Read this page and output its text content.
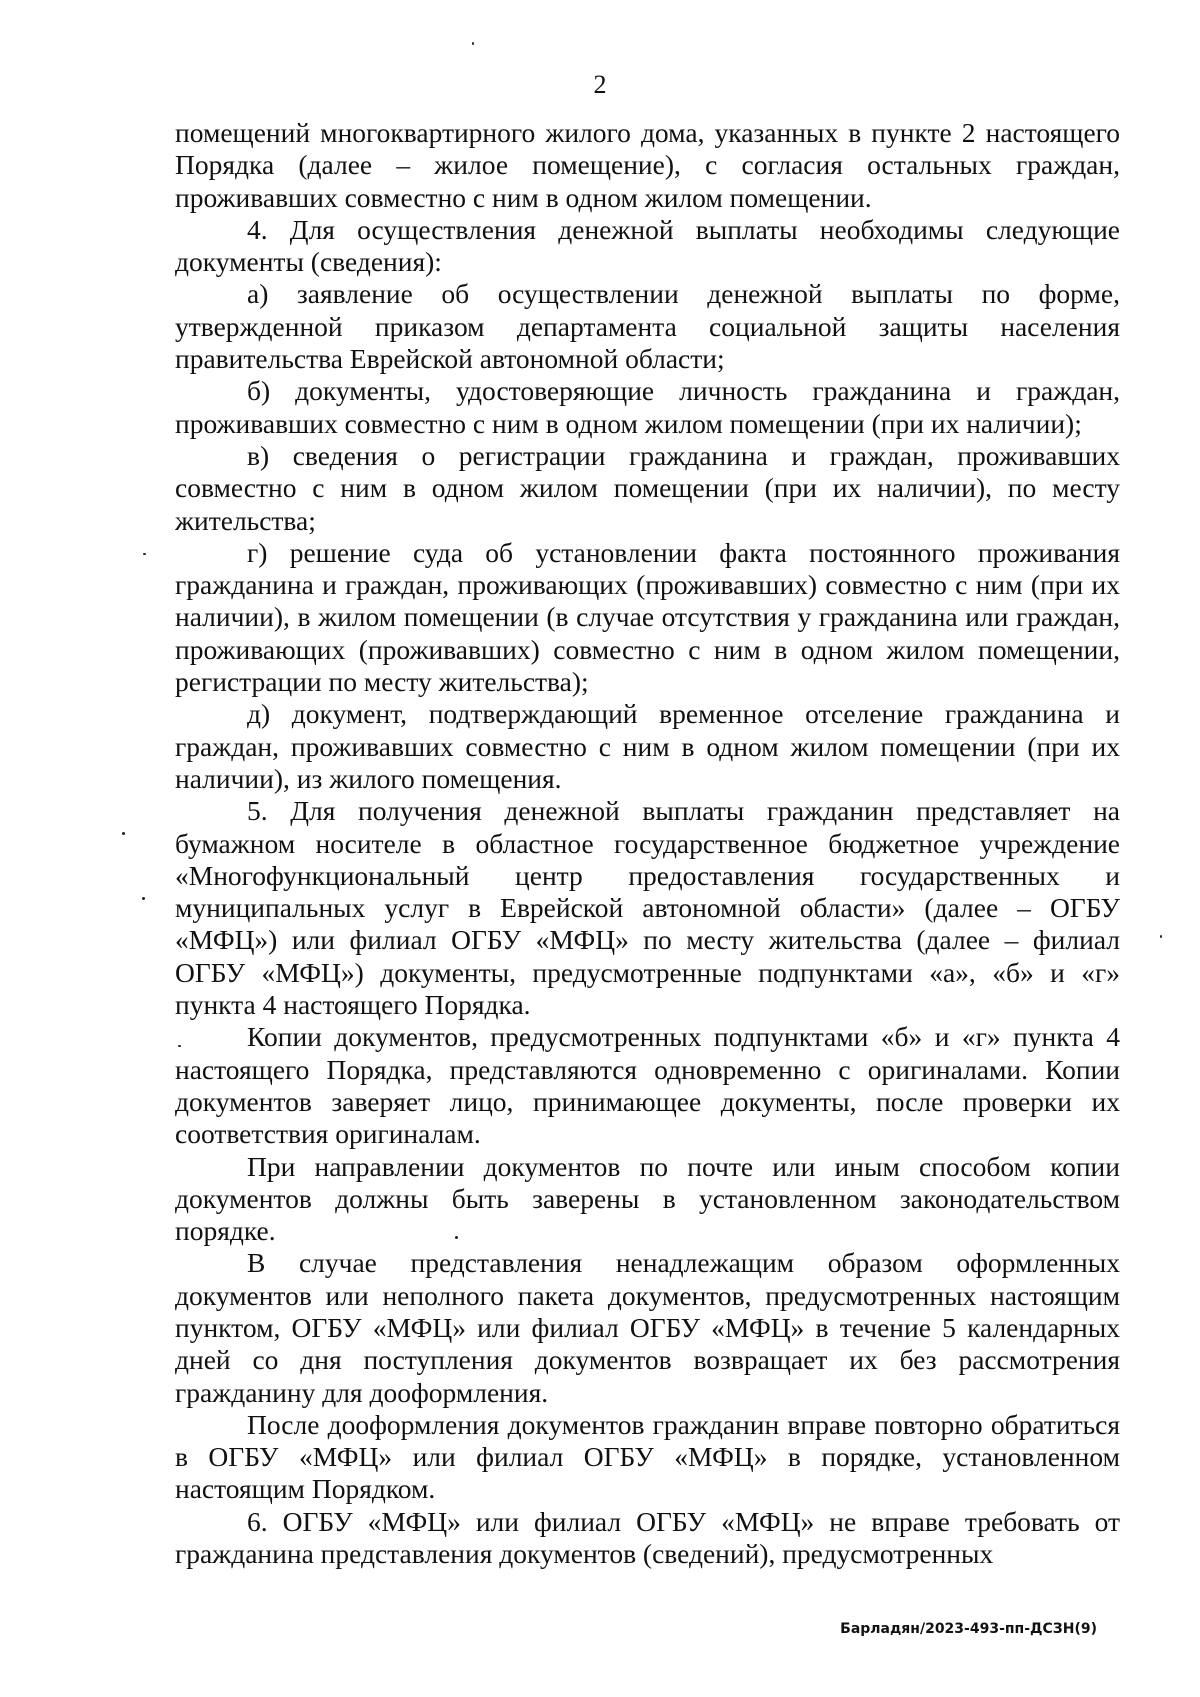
2

помещений многоквартирного жилого дома, указанных в пункте 2 настоящего Порядка (далее – жилое помещение), с согласия остальных граждан, проживавших совместно с ним в одном жилом помещении.

4. Для осуществления денежной выплаты необходимы следующие документы (сведения):

а) заявление об осуществлении денежной выплаты по форме, утвержденной приказом департамента социальной защиты населения правительства Еврейской автономной области;

б) документы, удостоверяющие личность гражданина и граждан, проживавших совместно с ним в одном жилом помещении (при их наличии);

в) сведения о регистрации гражданина и граждан, проживавших совместно с ним в одном жилом помещении (при их наличии), по месту жительства;

г) решение суда об установлении факта постоянного проживания гражданина и граждан, проживающих (проживавших) совместно с ним (при их наличии), в жилом помещении (в случае отсутствия у гражданина или граждан, проживающих (проживавших) совместно с ним в одном жилом помещении, регистрации по месту жительства);

д) документ, подтверждающий временное отселение гражданина и граждан, проживавших совместно с ним в одном жилом помещении (при их наличии), из жилого помещения.

5. Для получения денежной выплаты гражданин представляет на бумажном носителе в областное государственное бюджетное учреждение «Многофункциональный центр предоставления государственных и муниципальных услуг в Еврейской автономной области» (далее – ОГБУ «МФЦ») или филиал ОГБУ «МФЦ» по месту жительства (далее – филиал ОГБУ «МФЦ») документы, предусмотренные подпунктами «а», «б» и «г» пункта 4 настоящего Порядка.

Копии документов, предусмотренных подпунктами «б» и «г» пункта 4 настоящего Порядка, представляются одновременно с оригиналами. Копии документов заверяет лицо, принимающее документы, после проверки их соответствия оригиналам.

При направлении документов по почте или иным способом копии документов должны быть заверены в установленном законодательством порядке.

В случае представления ненадлежащим образом оформленных документов или неполного пакета документов, предусмотренных настоящим пунктом, ОГБУ «МФЦ» или филиал ОГБУ «МФЦ» в течение 5 календарных дней со дня поступления документов возвращает их без рассмотрения гражданину для дооформления.

После дооформления документов гражданин вправе повторно обратиться в ОГБУ «МФЦ» или филиал ОГБУ «МФЦ» в порядке, установленном настоящим Порядком.

6. ОГБУ «МФЦ» или филиал ОГБУ «МФЦ» не вправе требовать от гражданина представления документов (сведений), предусмотренных

Барладян/2023-493-пп-ДСЗН(9)
